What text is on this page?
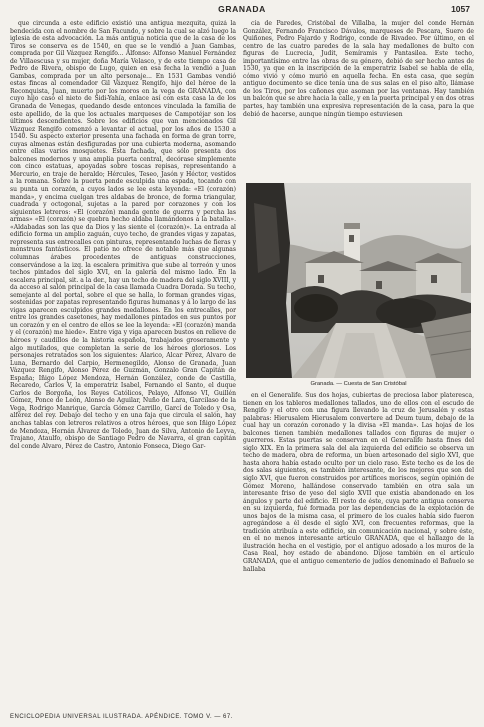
GRANADA	1057

que circunda a este edificio existió una antigua mezquita, quizá la bendecida con el nombre de San Facundo, y sobre la cual se alzó luego la iglesia de esta advocación. La más antigua noticia que de la casa de los Tiros se conserva es de 1540, en que se le vendió a Juan Gambas, comprada por Gil Vázquez Rengifo... Alfonso: Alfonso Manuel Fernández de Villaescusa y su mujer, doña María Velasco, y de este tiempo casa de Pedro de Rivera, obispo de Lugo, quien en esa fecha la vendió a Juan Gambas, comprada por un alto personaje... En 1531 Gambas vendió estas fincas al comendador Gil Vázquez Rengifo, hijo del héroe de la Reconquista, Juan, muerto por los moros en la vega de GRANADA, con cuyo hijo casó el nieto de Sidi-Yahía, enlace así con esta casa la de los Granada de Venegas, quedando desde entonces vinculada la familia de este apellido, de la que los actuales marqueses de Campotéjar son los últimos descendientes. Sobre los edificios que van mencionados Gil Vázquez Rengifo comenzó a levantar el actual, por los años de 1530 a 1540. Su aspecto exterior presenta una fachada en forma de gran torre, cuyas almenas están desfiguradas por una cubierta moderna, asomando entre ellas varios mosquetes. Esta fachada, que sólo presenta dos balcones modernos y una amplia puerta central, decórase simplemente con cinco estatuas, apoyadas sobre toscas repisas, representando a Mercurio, en traje de heraldo; Hércules, Teseo, Jasón y Héctor, vestidos a la romana. Sobre la puerta pende esculpida una espada, tocando con su punta un corazón, a cuyos lados se lee esta leyenda: «El (corazón) manda», y encima cuelgan tres aldabas de bronce, de forma triangular, cuadrada y octogonal, sujetas a la pared por corazones y con los siguientes letreros: «El (corazón) manda gente de guerra y percha las armas» «El (corazón) se quebra hecho aldaba llamándonos a la batalla». «Aldabadas son las que da Dios y las siente el (corazón)». La entrada al edificio forma un amplio zaguán, cuyo techo, de grandes vigas y zapatas, representa sus entrecalles con pinturas, representando luchas de fieras y monstruos fantásticos. El patio no ofrece de notable más que algunas columnas árabes procedentes de antiguas construcciones, conservándose a la izq. la escalera primitiva que sube al torreón y unos techos pintados del siglo XVI, en la galería del mismo lado. En la escalera principal, sit. a la der., hay un techo de madera del siglo XVIII, y da acceso al salón principal de la casa llamada Cuadra Dorada. Su techo, semejante al del portal, sobre el que se halla, lo forman grandes vigas, sostenidas por zapatas representando figuras humanas y á lo largo de las vigas aparecen esculpidos grandes medallones. En los entrecalles, por entre los grandes casetones, hay medallones pintados en sus puntos por un corazón y en el centro de ellos se lee la leyenda: «El (corazón) manda y el (corazón) me hiede». Entre viga y viga aparecen bustos en relieve de héroes y caudillos de la historia española, trabajados groseramente y algo mutilados, que completan la serie de los héroes gloriosos. Los personajes retratados son los siguientes: Alarico, Alcar Pérez, Alvaro de Luna, Bernardo del Carpio, Hermenegildo, Alonso de Granada, Juan Vázquez Rengifo, Alonso Pérez de Guzmán, Gonzalo Gran Capitán de España; Iñigo López Mendoza, Hernán González, conde de Castilla, Recaredo, Carlos V, la emperatriz Isabel, Fernando el Santo, el duque Carlos de Borgoña, los Reyes Católicos, Pelayo, Alfonso VI, Guillén Gómez, Ponce de León, Alonso de Aguilar, Nuño de Lara, Garcilaso de la Vega, Rodrigo Manrique, García Gómez Carrillo, Garcí de Toledo y Osa, alférez del rey. Debajo del techo y en una faja que circula el salón, hay anchas tablas con letreros relativos a otros héroes, que son Iñigo López de Mendoza, Hernán Álvarez de Toledo, Juan de Silva, Antonio de Leyva, Trajano, Ataulfo, obispo de Santiago Pedro de Navarra, el gran capitán del conde Alvaro, Pérez de Castro, Antonio Fonseca, Diego Gar-

cía de Paredes, Cristóbal de Villalba, la mujer del conde Hernán González, Fernando Francisco Dávalos, marqueses de Pescara, Suero de Quiñones, Pedro Fajardo y Rodrigo, conde de Rivadeo. Por último, en el centro de las cuatro paredes de la sala hay medallones de bulto con figuras de Lucrecia, Judit, Semíramis y Pantasilea. Este techo, importantísimo entre las obras de su género, debió de ser hecho antes de 1530, ya que en la inscripción de la emperatriz Isabel se habla de ella, cómo vivió y cómo murió en aquella fecha. En esta casa, que según antiguo documento se dice tenía una de sus salas en el piso alto, llámase de los Tiros, por los cañones que asoman por las ventanas. Hay también un balcón que se abre hacia la calle, y en la puerta principal y en dos otras partes, hay también una expresiva representación de la casa, para la que debió de hacerse, aunque ningún tiempo estuviesen

Granada. — Cuesta de San Cristóbal

en el Generalife. Sus dos hojas, cubiertas de preciosa labor plateresca, tienen en los tableros medallones tallados, uno de ellos con el escudo de Rengifo y el otro con una figura llevando la cruz de Jerusalén y estas palabras: Hierusalem Hierusalem convertere ad Deum tuum, debajo de la cual hay un corazón coronado y la divisa «El manda». Las hojas de los balcones tienen también medallones tallados con figuras de mujer o guerreros. Estas puertas se conservan en el Generalife hasta fines del siglo XIX. En la primera sala del ala izquierda del edificio se observa un techo de madera, obra de reforma, un buen artesonado del siglo XVI, que hasta ahora había estado oculto por un cielo raso. Este techo es de los de dos salas siguientes, es también interesante, de los mejores que son del siglo XVI, que fueron construidos por artífices moriscos, según opinión de Gómez Moreno, hallándose conservado también en otra sala un interesante friso de yeso del siglo XVII que existía abandonado en los ángulos y parte del edificio. El resto de éste, cuya parte antigua conserva en su izquierda, fué formada por las dependencias de la explotación de unos bajos de la misma casa, el primero de los cuales había sido fueron agregándose a él desde el siglo XVI, con frecuentes reformas, que la tradición atribuía a este edificio, sin comunicación nacional, y sobre éste, en el no menos interesante artículo GRANADA, que el hallazgo de la ilustración hecha en el vestigio, por el antiguo adosado a los muros de la Casa Real, hoy estado de abandono. Dijose también en el artículo GRANADA, que el antiguo cementerio de judíos denominado el Bañuelo se hallaba

ENCICLOPEDIA UNIVERSAL ILUSTRADA. APÉNDICE. TOMO V. — 67.
